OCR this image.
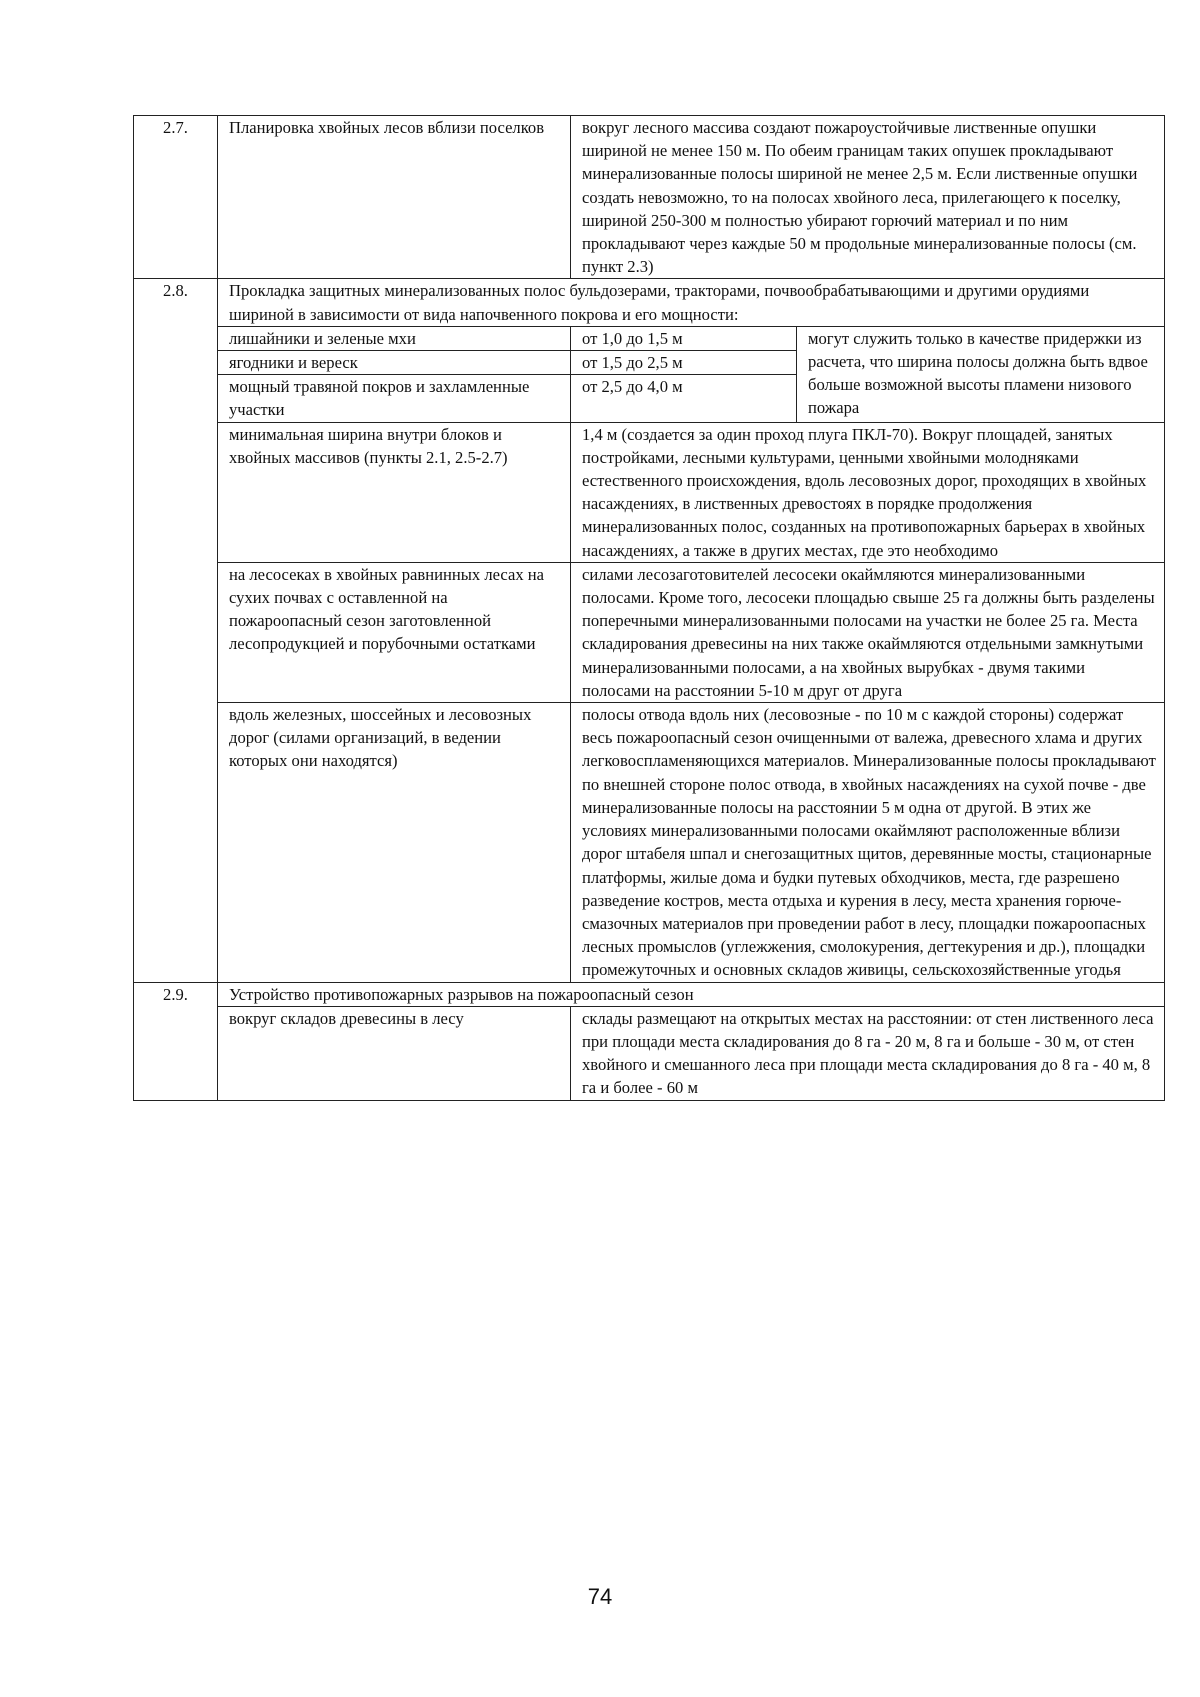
2.7.	Планировка хвойных лесов вблизи поселков	вокруг лесного массива создают пожароустойчивые лиственные опушки шириной не менее 150 м. По обеим границам таких опушек прокладывают минерализованные полосы шириной не менее 2,5 м. Если лиственные опушки создать невозможно, то на полосах хвойного леса, прилегающего к поселку, шириной 250-300 м полностью убирают горючий материал и по ним прокладывают через каждые 50 м продольные минерализованные полосы (см. пункт 2.3)	
2.8.	Прокладка защитных минерализованных полос бульдозерами, тракторами, почвообрабатывающими и другими орудиями шириной в зависимости от вида напочвенного покрова и его мощности:		
	лишайники и зеленые мхи	от 1,0 до 1,5 м	могут служить только в качестве придержки из расчета, что ширина полосы должна быть вдвое больше возможной высоты пламени низового пожара
	ягодники и вереск	от 1,5 до 2,5 м	
	мощный травяной покров и захламленные участки	от 2,5 до 4,0 м	
	минимальная ширина внутри блоков и хвойных массивов (пункты 2.1, 2.5-2.7)	1,4 м (создается за один проход плуга ПКЛ-70). Вокруг площадей, занятых постройками, лесными культурами, ценными хвойными молодняками естественного происхождения, вдоль лесовозных дорог, проходящих в хвойных насаждениях, в лиственных древостоях в порядке продолжения минерализованных полос, созданных на противопожарных барьерах в хвойных насаждениях, а также в других местах, где это необходимо	
	на лесосеках в хвойных равнинных лесах на сухих почвах с оставленной на пожароопасный сезон заготовленной лесопродукцией и порубочными остатками	силами лесозаготовителей лесосеки окаймляются минерализованными полосами. Кроме того, лесосеки площадью свыше 25 га должны быть разделены поперечными минерализованными полосами на участки не более 25 га. Места складирования древесины на них также окаймляются отдельными замкнутыми минерализованными полосами, а на хвойных вырубках - двумя такими полосами на расстоянии 5-10 м друг от друга	
	вдоль железных, шоссейных и лесовозных дорог (силами организаций, в ведении которых они находятся)	полосы отвода вдоль них (лесовозные - по 10 м с каждой стороны) содержат весь пожароопасный сезон очищенными от валежа, древесного хлама и других легковоспламеняющихся материалов. Минерализованные полосы прокладывают по внешней стороне полос отвода, в хвойных насаждениях на сухой почве - две минерализованные полосы на расстоянии 5 м одна от другой. В этих же условиях минерализованными полосами окаймляют расположенные вблизи дорог штабеля шпал и снегозащитных щитов, деревянные мосты, стационарные платформы, жилые дома и будки путевых обходчиков, места, где разрешено разведение костров, места отдыха и курения в лесу, места хранения горюче-смазочных материалов при проведении работ в лесу, площадки пожароопасных лесных промыслов (углежжения, смолокурения, дегтекурения и др.), площадки промежуточных и основных складов живицы, сельскохозяйственные угодья	
2.9.	Устройство противопожарных разрывов на пожароопасный сезон		
	вокруг складов древесины в лесу	склады размещают на открытых местах на расстоянии: от стен лиственного леса при площади места складирования до 8 га - 20 м, 8 га и больше - 30 м, от стен хвойного и смешанного леса при площади места складирования до 8 га - 40 м, 8 га и более - 60 м	
74
